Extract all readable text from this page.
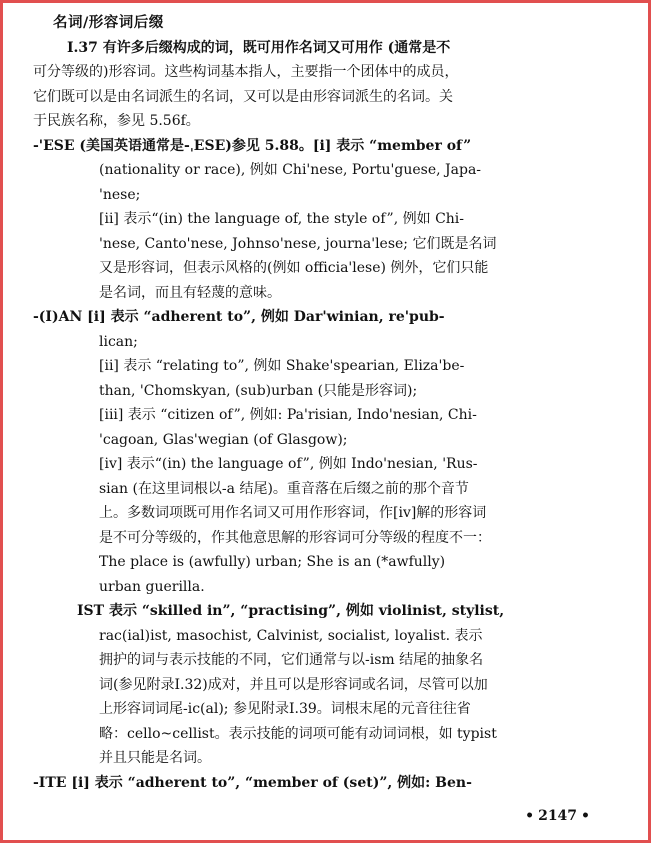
名词/形容词后缀
Ⅰ.37 有许多后缀构成的词，既可用作名词又可用作 (通常是不
可分等级的)形容词。这些构词基本指人，主要指一个团体中的成员，
它们既可以是由名词派生的名词，又可以是由形容词派生的名词。关
于民族名称，参见 5.56f。
-'ESE (美国英语通常是-ˌESE)参见 5.88。[i] 表示 “member of”
(nationality or race), 例如 Chi'nese, Portu'guese, Japa-
'nese;
[ii] 表示“(in) the language of, the style of”, 例如 Chi-
'nese, Canto'nese, Johnso'nese, journa'lese; 它们既是名词
又是形容词，但表示风格的(例如 officia'lese) 例外，它们只能
是名词，而且有轻蔑的意味。
-(I)AN [i] 表示 “adherent to”, 例如 Dar'winian, re'pub-
lican;
[ii] 表示 “relating to”, 例如 Shake'spearian, Eliza'be-
than, 'Chomskyan, (sub)urban (只能是形容词);
[iii] 表示 “citizen of”, 例如: Pa'risian, Indo'nesian, Chi-
'cagoan, Glas'wegian (of Glasgow);
[iv] 表示“(in) the language of”, 例如 Indo'nesian, 'Rus-
sian (在这里词根以-a 结尾)。重音落在后缀之前的那个音节
上。多数词项既可用作名词又可用作形容词，作[iv]解的形容词
是不可分等级的，作其他意思解的形容词可分等级的程度不一：
The place is (awfully) urban; She is an (*awfully)
urban guerilla.
IST 表示 “skilled in”, “practising”, 例如 violinist, stylist,
rac(ial)ist, masochist, Calvinist, socialist, loyalist. 表示
拥护的词与表示技能的不同，它们通常与以-ism 结尾的抽象名
词(参见附录Ⅰ.32)成对，并且可以是形容词或名词，尽管可以加
上形容词词尾-ic(al); 参见附录Ⅰ.39。词根末尾的元音往往省
略：cello~cellist。表示技能的词项可能有动词词根，如 typist
并且只能是名词。
-ITE [i] 表示 “adherent to”, “member of (set)”, 例如: Ben-
• 2147 •
